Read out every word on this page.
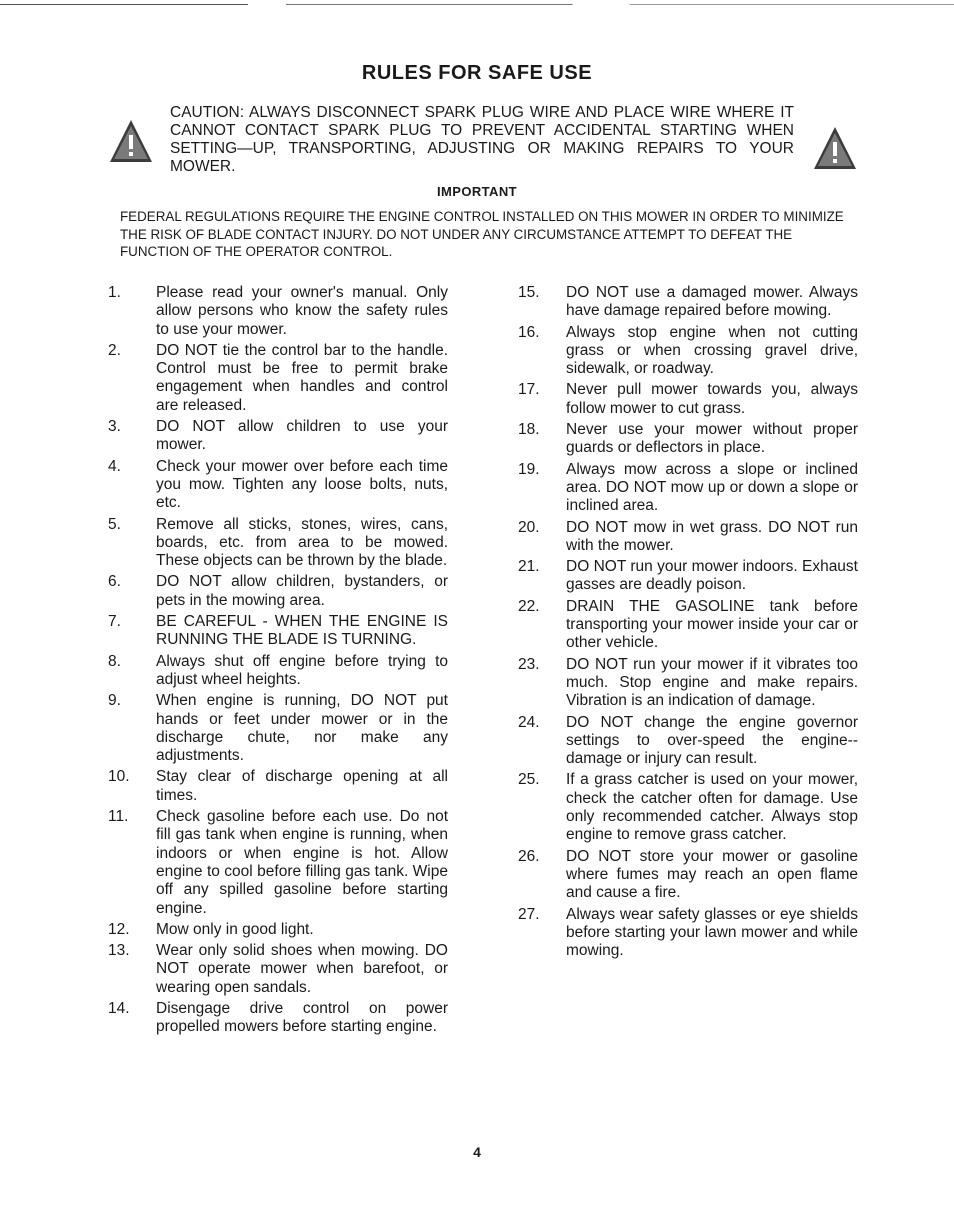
RULES FOR SAFE USE

CAUTION: ALWAYS DISCONNECT SPARK PLUG WIRE AND PLACE WIRE WHERE IT CANNOT CONTACT SPARK PLUG TO PREVENT ACCIDENTAL STARTING WHEN SETTING—UP, TRANSPORTING, ADJUSTING OR MAKING REPAIRS TO YOUR MOWER.

IMPORTANT

FEDERAL REGULATIONS REQUIRE THE ENGINE CONTROL INSTALLED ON THIS MOWER IN ORDER TO MINIMIZE THE RISK OF BLADE CONTACT INJURY. DO NOT UNDER ANY CIRCUMSTANCE ATTEMPT TO DEFEAT THE FUNCTION OF THE OPERATOR CONTROL.

1.	Please read your owner's manual. Only allow persons who know the safety rules to use your mower.
2.	DO NOT tie the control bar to the handle. Control must be free to permit brake engagement when handles and control are released.
3.	DO NOT allow children to use your mower.
4.	Check your mower over before each time you mow. Tighten any loose bolts, nuts, etc.
5.	Remove all sticks, stones, wires, cans, boards, etc. from area to be mowed. These objects can be thrown by the blade.
6.	DO NOT allow children, bystanders, or pets in the mowing area.
7.	BE CAREFUL - WHEN THE ENGINE IS RUNNING THE BLADE IS TURNING.
8.	Always shut off engine before trying to adjust wheel heights.
9.	When engine is running, DO NOT put hands or feet under mower or in the discharge chute, nor make any adjustments.
10.	Stay clear of discharge opening at all times.
11.	Check gasoline before each use. Do not fill gas tank when engine is running, when indoors or when engine is hot. Allow engine to cool before filling gas tank. Wipe off any spilled gasoline before starting engine.
12.	Mow only in good light.
13.	Wear only solid shoes when mowing. DO NOT operate mower when barefoot, or wearing open sandals.
14.	Disengage drive control on power propelled mowers before starting engine.
15.	DO NOT use a damaged mower. Always have damage repaired before mowing.
16.	Always stop engine when not cutting grass or when crossing gravel drive, sidewalk, or roadway.
17.	Never pull mower towards you, always follow mower to cut grass.
18.	Never use your mower without proper guards or deflectors in place.
19.	Always mow across a slope or inclined area. DO NOT mow up or down a slope or inclined area.
20.	DO NOT mow in wet grass. DO NOT run with the mower.
21.	DO NOT run your mower indoors. Exhaust gasses are deadly poison.
22.	DRAIN THE GASOLINE tank before transporting your mower inside your car or other vehicle.
23.	DO NOT run your mower if it vibrates too much. Stop engine and make repairs. Vibration is an indication of damage.
24.	DO NOT change the engine governor settings to over-speed the engine--damage or injury can result.
25.	If a grass catcher is used on your mower, check the catcher often for damage. Use only recommended catcher. Always stop engine to remove grass catcher.
26.	DO NOT store your mower or gasoline where fumes may reach an open flame and cause a fire.
27.	Always wear safety glasses or eye shields before starting your lawn mower and while mowing.
4
